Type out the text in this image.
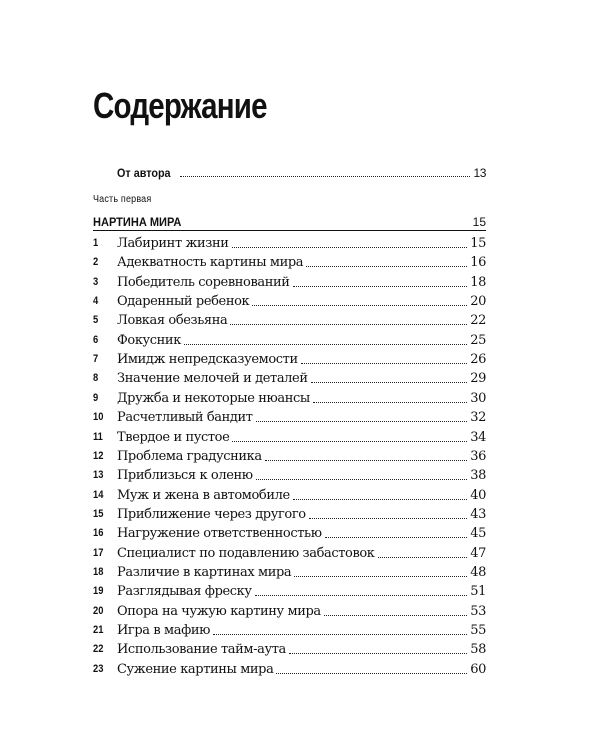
Содержание
От автора	13
Часть первая
НАРТИНА МИРА	15
1	Лабиринт жизни	15
2	Адекватность картины мира	16
3	Победитель соревнований	18
4	Одаренный ребенок	20
5	Ловкая обезьяна	22
6	Фокусник	25
7	Имидж непредсказуемости	26
8	Значение мелочей и деталей	29
9	Дружба и некоторые нюансы	30
10	Расчетливый бандит	32
11	Твердое и пустое	34
12	Проблема градусника	36
13	Приблизься к оленю	38
14	Муж и жена в автомобиле	40
15	Приближение через другого	43
16	Нагружение ответственностью	45
17	Специалист по подавлению забастовок	47
18	Различие в картинах мира	48
19	Разглядывая фреску	51
20	Опора на чужую картину мира	53
21	Игра в мафию	55
22	Использование тайм-аута	58
23	Сужение картины мира	60
